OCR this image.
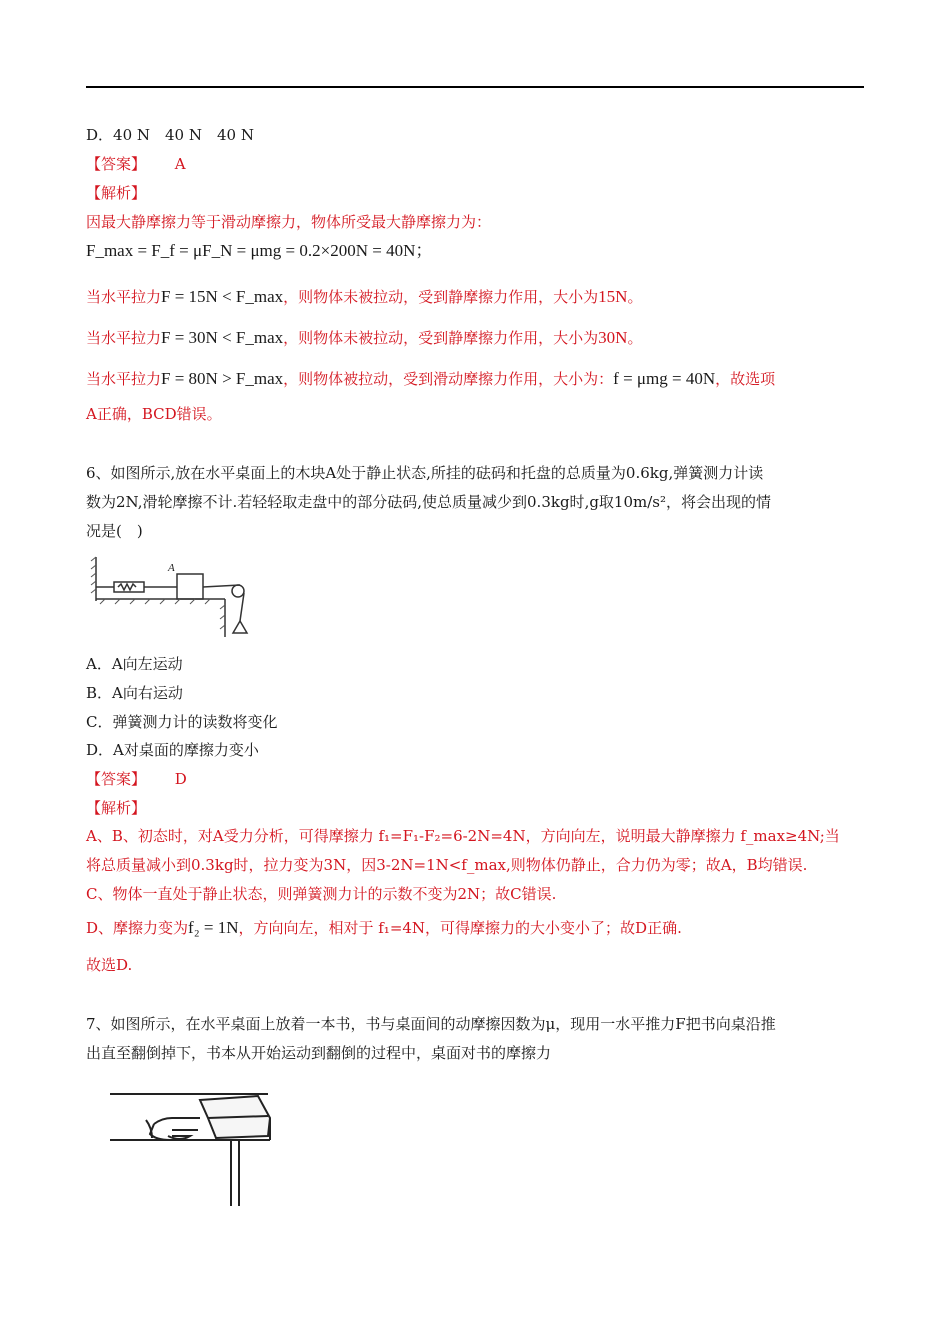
D．40 N　40 N　40 N
【答案】 A
【解析】
因最大静摩擦力等于滑动摩擦力，物体所受最大静摩擦力为：
F_max = F_f = μF_N = μmg = 0.2×200N = 40N；
当水平拉力F = 15N < F_max，则物体未被拉动，受到静摩擦力作用，大小为15N。
当水平拉力F = 30N < F_max，则物体未被拉动，受到静摩擦力作用，大小为30N。
当水平拉力F = 80N > F_max，则物体被拉动，受到滑动摩擦力作用，大小为：f = μmg = 40N，故选项
A正确，BCD错误。
6、如图所示,放在水平桌面上的木块A处于静止状态,所挂的砝码和托盘的总质量为0.6kg,弹簧测力计读
数为2N,滑轮摩擦不计.若轻轻取走盘中的部分砝码,使总质量减少到0.3kg时,g取10m/s²，将会出现的情
况是(　)
A
A．A向左运动
B．A向右运动
C．弹簧测力计的读数将变化
D．A对桌面的摩擦力变小
【答案】 D
【解析】
A、B、初态时，对A受力分析，可得摩擦力 f₁=F₁-F₂=6-2N=4N，方向向左，说明最大静摩擦力 f_max≥4N;当
将总质量减小到0.3kg时，拉力变为3N，因3-2N=1N<f_max,则物体仍静止，合力仍为零；故A，B均错误.
C、物体一直处于静止状态，则弹簧测力计的示数不变为2N；故C错误.
D、摩擦力变为f₂ = 1N，方向向左，相对于 f₁=4N，可得摩擦力的大小变小了；故D正确.
故选D.
7、如图所示，在水平桌面上放着一本书，书与桌面间的动摩擦因数为μ，现用一水平推力F把书向桌沿推
出直至翻倒掉下，书本从开始运动到翻倒的过程中，桌面对书的摩擦力
